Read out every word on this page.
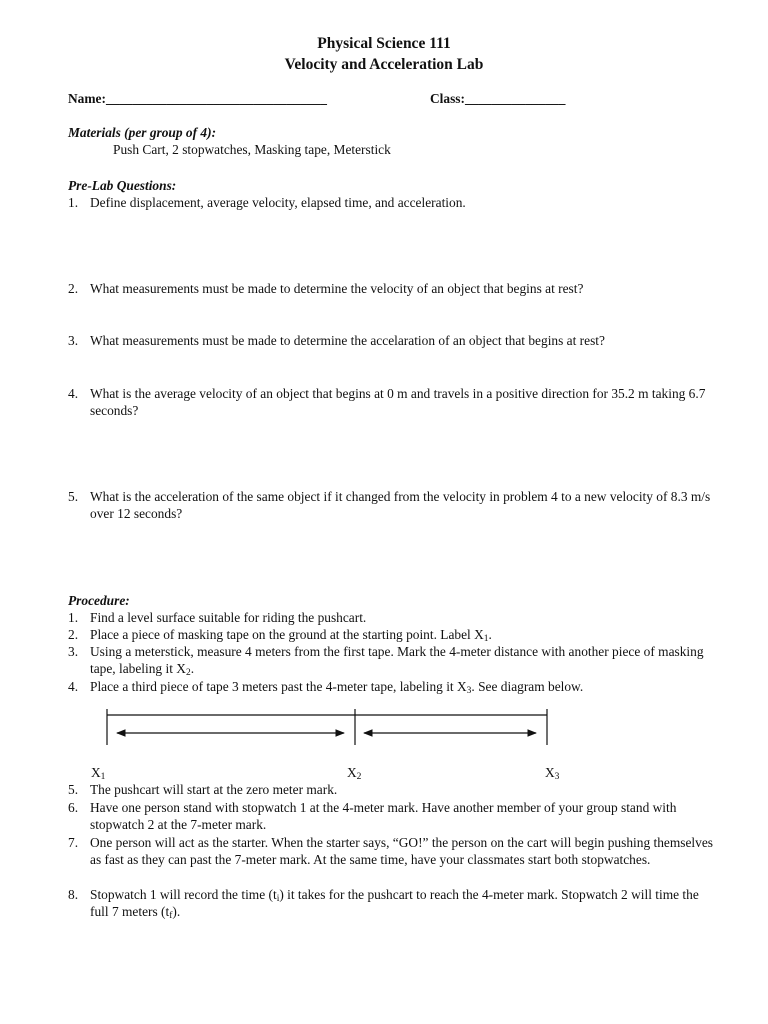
Physical Science 111
Velocity and Acceleration Lab
Name:_________________________________	Class:_______________
Materials (per group of 4):
Push Cart, 2 stopwatches, Masking tape, Meterstick
Pre-Lab Questions:
1. Define displacement, average velocity, elapsed time, and acceleration.
2. What measurements must be made to determine the velocity of an object that begins at rest?
3. What measurements must be made to determine the accelaration of an object that begins at rest?
4. What is the average velocity of an object that begins at 0 m and travels in a positive direction for 35.2 m taking 6.7 seconds?
5. What is the acceleration of the same object if it changed from the velocity in problem 4 to a new velocity of 8.3 m/s over 12 seconds?
Procedure:
1. Find a level surface suitable for riding the pushcart.
2. Place a piece of masking tape on the ground at the starting point. Label $X_1$.
3. Using a meterstick, measure 4 meters from the first tape. Mark the 4-meter distance with another piece of masking tape, labeling it $X_2$.
4. Place a third piece of tape 3 meters past the 4-meter tape, labeling it $X_3$. See diagram below.
$X_1$	$X_2$	$X_3$
5. The pushcart will start at the zero meter mark.
6. Have one person stand with stopwatch 1 at the 4-meter mark. Have another member of your group stand with stopwatch 2 at the 7-meter mark.
7. One person will act as the starter. When the starter says, “GO!” the person on the cart will begin pushing themselves as fast as they can past the 7-meter mark. At the same time, have your classmates start both stopwatches.
8. Stopwatch 1 will record the time $(t_i)$ it takes for the pushcart to reach the 4-meter mark. Stopwatch 2 will time the full 7 meters $(t_f)$.
